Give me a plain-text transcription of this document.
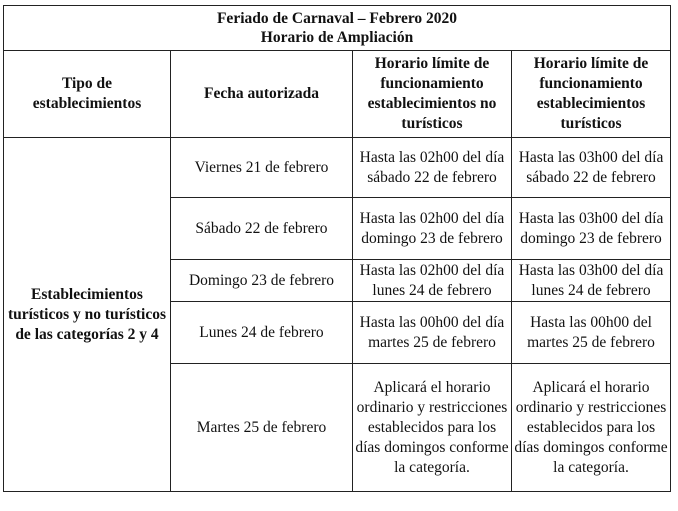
Feriado de Carnaval – Febrero 2020
Horario de Ampliación			

Tipo de establecimientos	Fecha autorizada	Horario límite de funcionamiento establecimientos no turísticos	Horario límite de funcionamiento establecimientos turísticos
Establecimientos turísticos y no turísticos de las categorías 2 y 4	Viernes 21 de febrero	Hasta las 02h00 del día sábado 22 de febrero	Hasta las 03h00 del día sábado 22 de febrero
	Sábado 22 de febrero	Hasta las 02h00 del día domingo 23 de febrero	Hasta las 03h00 del día domingo 23 de febrero
	Domingo 23 de febrero	Hasta las 02h00 del día lunes 24 de febrero	Hasta las 03h00 del día lunes 24 de febrero
	Lunes 24 de febrero	Hasta las 00h00 del día martes 25 de febrero	Hasta las 00h00 del martes 25 de febrero
	Martes 25 de febrero	Aplicará el horario ordinario y restricciones establecidos para los días domingos conforme la categoría.	Aplicará el horario ordinario y restricciones establecidos para los días domingos conforme la categoría.
